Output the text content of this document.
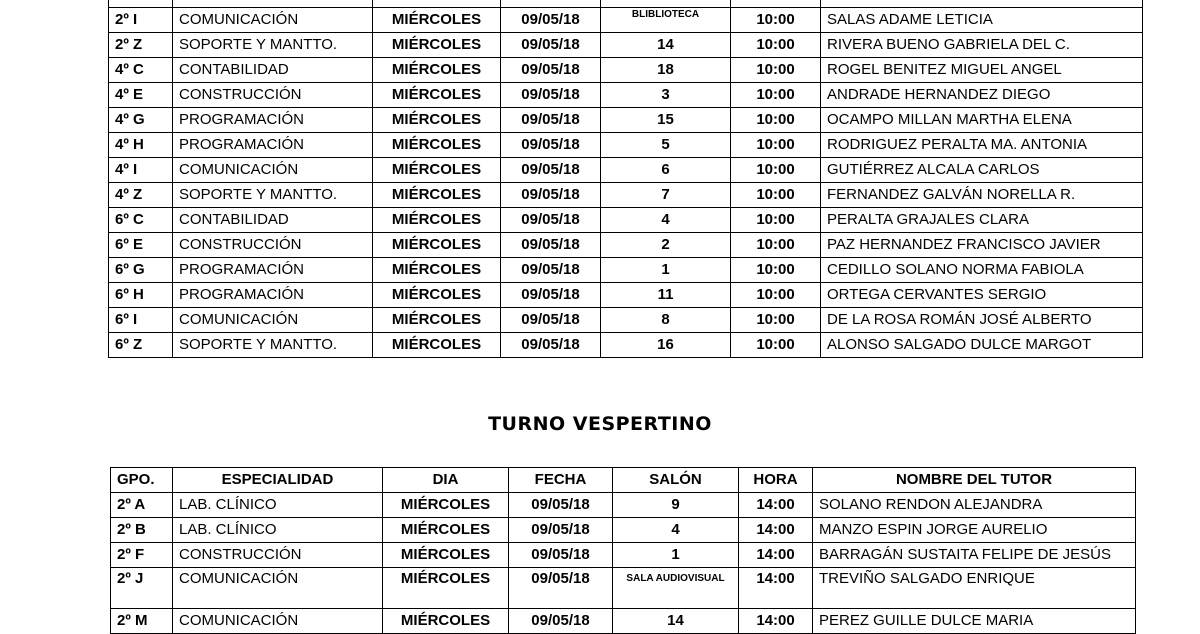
2º I	COMUNICACIÓN	MIÉRCOLES	09/05/18	BLIBLIOTECA	10:00	SALAS ADAME LETICIA
2º Z	SOPORTE Y MANTTO.	MIÉRCOLES	09/05/18	14	10:00	RIVERA BUENO GABRIELA DEL C.
4º C	CONTABILIDAD	MIÉRCOLES	09/05/18	18	10:00	ROGEL BENITEZ MIGUEL ANGEL
4º E	CONSTRUCCIÓN	MIÉRCOLES	09/05/18	3	10:00	ANDRADE HERNANDEZ DIEGO
4º G	PROGRAMACIÓN	MIÉRCOLES	09/05/18	15	10:00	OCAMPO MILLAN MARTHA ELENA
4º H	PROGRAMACIÓN	MIÉRCOLES	09/05/18	5	10:00	RODRIGUEZ PERALTA MA. ANTONIA
4º I	COMUNICACIÓN	MIÉRCOLES	09/05/18	6	10:00	GUTIÉRREZ ALCALA CARLOS
4º Z	SOPORTE Y MANTTO.	MIÉRCOLES	09/05/18	7	10:00	FERNANDEZ GALVÁN NORELLA R.
6º C	CONTABILIDAD	MIÉRCOLES	09/05/18	4	10:00	PERALTA GRAJALES CLARA
6º E	CONSTRUCCIÓN	MIÉRCOLES	09/05/18	2	10:00	PAZ HERNANDEZ FRANCISCO JAVIER
6º G	PROGRAMACIÓN	MIÉRCOLES	09/05/18	1	10:00	CEDILLO SOLANO NORMA FABIOLA
6º H	PROGRAMACIÓN	MIÉRCOLES	09/05/18	11	10:00	ORTEGA CERVANTES SERGIO
6º I	COMUNICACIÓN	MIÉRCOLES	09/05/18	8	10:00	DE LA ROSA ROMÁN JOSÉ ALBERTO
6º Z	SOPORTE Y MANTTO.	MIÉRCOLES	09/05/18	16	10:00	ALONSO SALGADO DULCE MARGOT
TURNO VESPERTINO
GPO.	ESPECIALIDAD	DIA	FECHA	SALÓN	HORA	NOMBRE DEL TUTOR
2º A	LAB. CLÍNICO	MIÉRCOLES	09/05/18	9	14:00	SOLANO RENDON ALEJANDRA
2º B	LAB. CLÍNICO	MIÉRCOLES	09/05/18	4	14:00	MANZO ESPIN JORGE AURELIO
2º F	CONSTRUCCIÓN	MIÉRCOLES	09/05/18	1	14:00	BARRAGÁN SUSTAITA FELIPE DE JESÚS
2º J	COMUNICACIÓN	MIÉRCOLES	09/05/18	SALA AUDIOVISUAL	14:00	TREVIÑO SALGADO ENRIQUE
2º M	COMUNICACIÓN	MIÉRCOLES	09/05/18	14	14:00	PEREZ GUILLE DULCE MARIA
